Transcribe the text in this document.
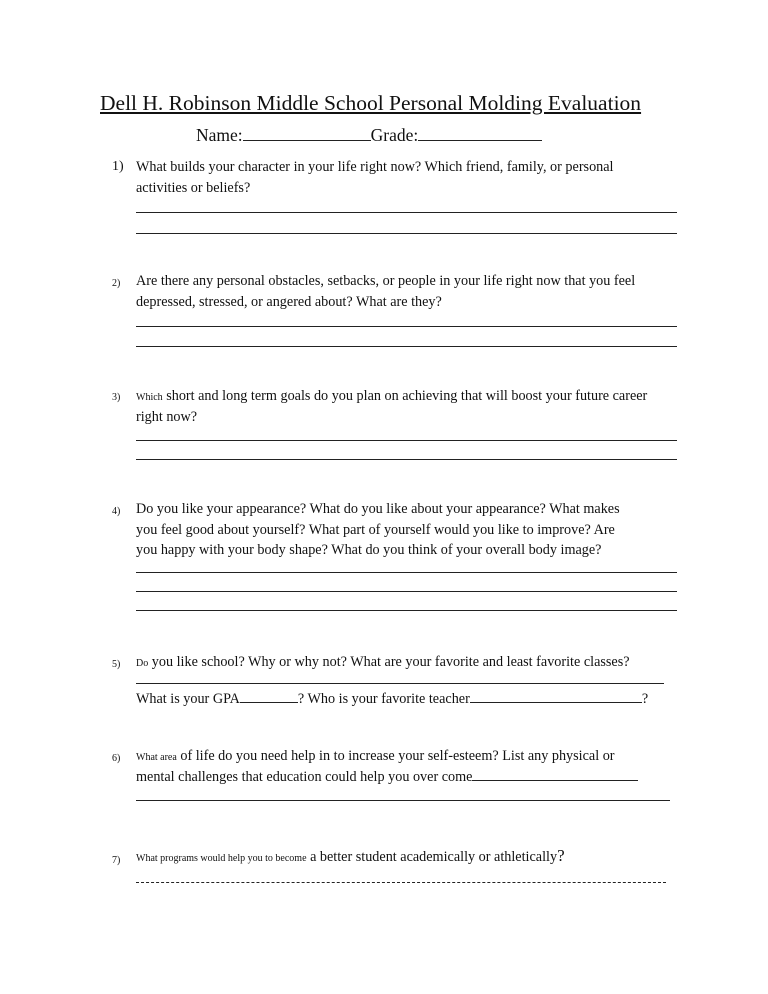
Dell H. Robinson Middle School Personal Molding Evaluation
Name:	Grade:
1) What builds your character in your life right now? Which friend, family, or personal
activities or beliefs?
2) Are there any personal obstacles, setbacks, or people in your life right now that you feel
depressed, stressed, or angered about? What are they?
3) Which short and long term goals do you plan on achieving that will boost your future career
right now?
4) Do you like your appearance? What do you like about your appearance? What makes
you feel good about yourself? What part of yourself would you like to improve? Are
you happy with your body shape? What do you think of your overall body image?
5) Do you like school? Why or why not? What are your favorite and least favorite classes?
What is your GPA	? Who is your favorite teacher	?
6) What area of life do you need help in to increase your self-esteem? List any physical or
mental challenges that education could help you over come
7) What programs would help you to become a better student academically or athletically?
